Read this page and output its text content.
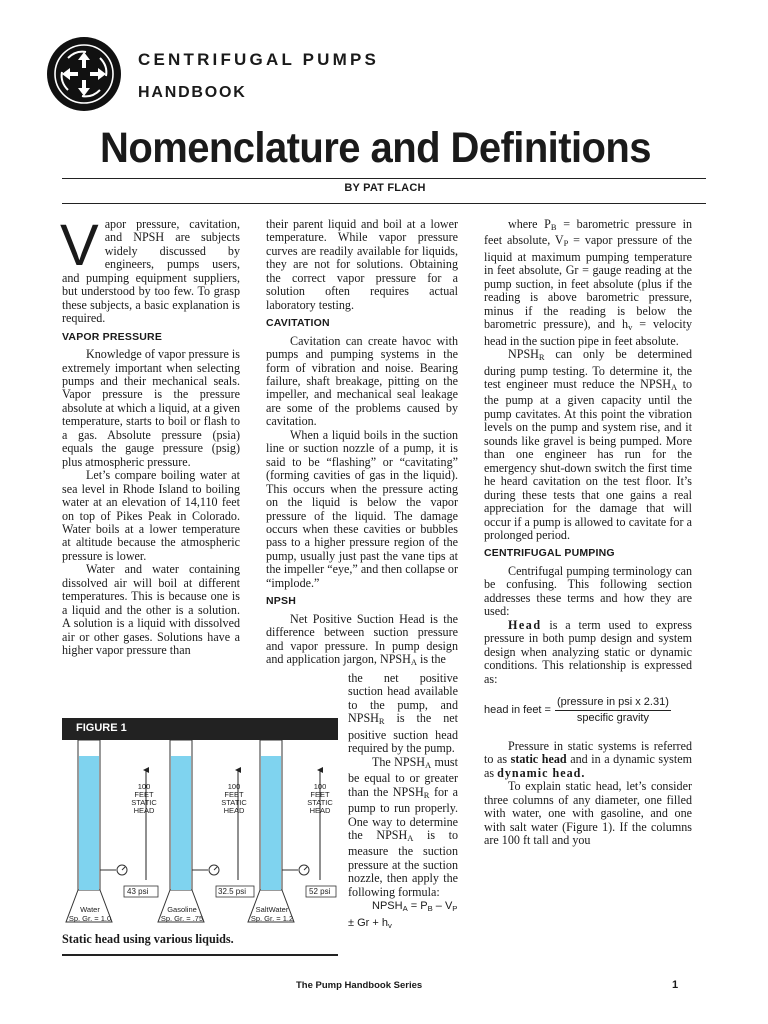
CENTRIFUGAL PUMPS
HANDBOOK
Nomenclature and Definitions
BY PAT FLACH
V apor pressure, cavitation, and NPSH are subjects widely discussed by engineers, pumps users, and pumping equipment suppliers, but understood by too few. To grasp these subjects, a basic explanation is required.

VAPOR PRESSURE

Knowledge of vapor pressure is extremely important when selecting pumps and their mechanical seals. Vapor pressure is the pressure absolute at which a liquid, at a given temperature, starts to boil or flash to a gas. Absolute pressure (psia) equals the gauge pressure (psig) plus atmospheric pressure.

Let’s compare boiling water at sea level in Rhode Island to boiling water at an elevation of 14,110 feet on top of Pikes Peak in Colorado. Water boils at a lower temperature at altitude because the atmospheric pressure is lower.

Water and water containing dissolved air will boil at different temperatures. This is because one is a liquid and the other is a solution. A solution is a liquid with dissolved air or other gases. Solutions have a higher vapor pressure than

their parent liquid and boil at a lower temperature. While vapor pressure curves are readily available for liquids, they are not for solutions. Obtaining the correct vapor pressure for a solution often requires actual laboratory testing.

CAVITATION

Cavitation can create havoc with pumps and pumping systems in the form of vibration and noise. Bearing failure, shaft breakage, pitting on the impeller, and mechanical seal leakage are some of the problems caused by cavitation.

When a liquid boils in the suction line or suction nozzle of a pump, it is said to be “flashing” or “cavitating” (forming cavities of gas in the liquid). This occurs when the pressure acting on the liquid is below the vapor pressure of the liquid. The damage occurs when these cavities or bubbles pass to a higher pressure region of the pump, usually just past the vane tips at the impeller “eye,” and then collapse or “implode.”

NPSH

Net Positive Suction Head is the difference between suction pressure and vapor pressure. In pump design and application jargon, $NPSH_A$ is the

the net positive suction head available to the pump, and $NPSH_R$ is the net positive suction head required by the pump.

The $NPSH_A$ must be equal to or greater than the $NPSH_R$ for a pump to run properly. One way to determine the $NPSH_A$ is to measure the suction pressure at the suction nozzle, then apply the following formula:

$NPSH_A = P_B - V_P \pm Gr + h_v$

where $P_B$ = barometric pressure in feet absolute, $V_P$ = vapor pressure of the liquid at maximum pumping temperature in feet absolute, Gr = gauge reading at the pump suction, in feet absolute (plus if the reading is above barometric pressure, minus if the reading is below the barometric pressure), and $h_v$ = velocity head in the suction pipe in feet absolute.

$NPSH_R$ can only be determined during pump testing. To determine it, the test engineer must reduce the $NPSH_A$ to the pump at a given capacity until the pump cavitates. At this point the vibration levels on the pump and system rise, and it sounds like gravel is being pumped. More than one engineer has run for the emergency shut-down switch the first time he heard cavitation on the test floor. It’s during these tests that one gains a real appreciation for the damage that will occur if a pump is allowed to cavitate for a prolonged period.

CENTRIFUGAL PUMPING

Centrifugal pumping terminology can be confusing. This following section addresses these terms and how they are used:

Head is a term used to express pressure in both pump design and system design when analyzing static or dynamic conditions. This relationship is expressed as:

head in feet = $\frac{\text{(pressure in psi x 2.31)}}{\text{specific gravity}}$

Pressure in static systems is referred to as static head and in a dynamic system as dynamic head.

To explain static head, let’s consider three columns of any diameter, one filled with water, one with gasoline, and one with salt water (Figure 1). If the columns are 100 ft tall and you

FIGURE 1
100
FEET
STATIC
HEAD
100
FEET
STATIC
HEAD
100
FEET
STATIC
HEAD
43 psi	32.5 psi	52 psi
Water
Sp. Gr. = 1.0
Gasoline
Sp. Gr. = .75
SaltWater
Sp. Gr. = 1.2
Static head using various liquids.
The Pump Handbook Series	1
